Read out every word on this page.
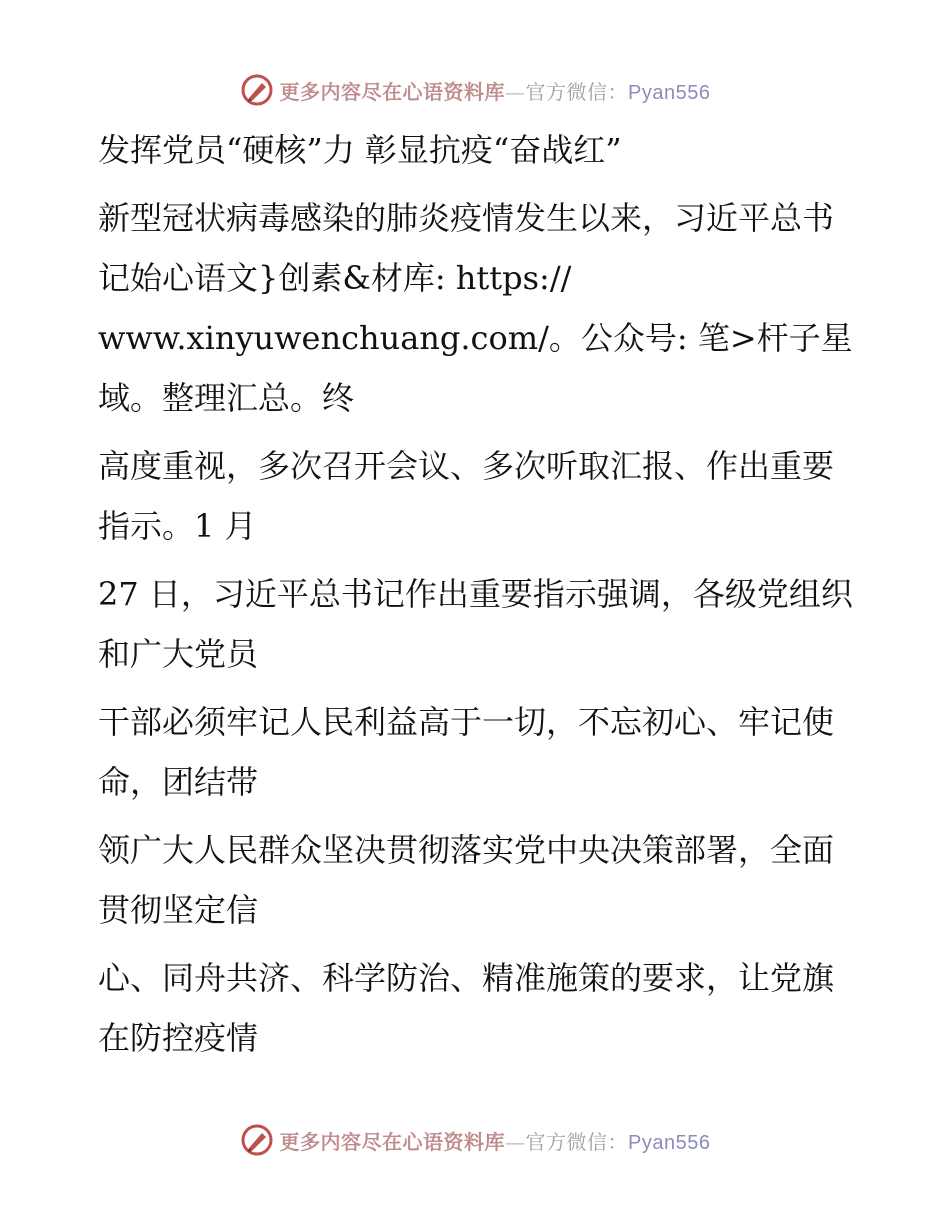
更多内容尽在心语资料库—官方微信：Pyan556

发挥党员“硬核”力 彰显抗疫“奋战红”

新型冠状病毒感染的肺炎疫情发生以来，习近平总书记始心语文}创素&材库: https:// www.xinyuwenchuang.com/。公众号: 笔>杆子星域。整理汇总。终

高度重视，多次召开会议、多次听取汇报、作出重要指示。1 月

27 日，习近平总书记作出重要指示强调，各级党组织和广大党员

干部必须牢记人民利益高于一切，不忘初心、牢记使命，团结带

领广大人民群众坚决贯彻落实党中央决策部署，全面贯彻坚定信

心、同舟共济、科学防治、精准施策的要求，让党旗在防控疫情

更多内容尽在心语资料库—官方微信：Pyan556
